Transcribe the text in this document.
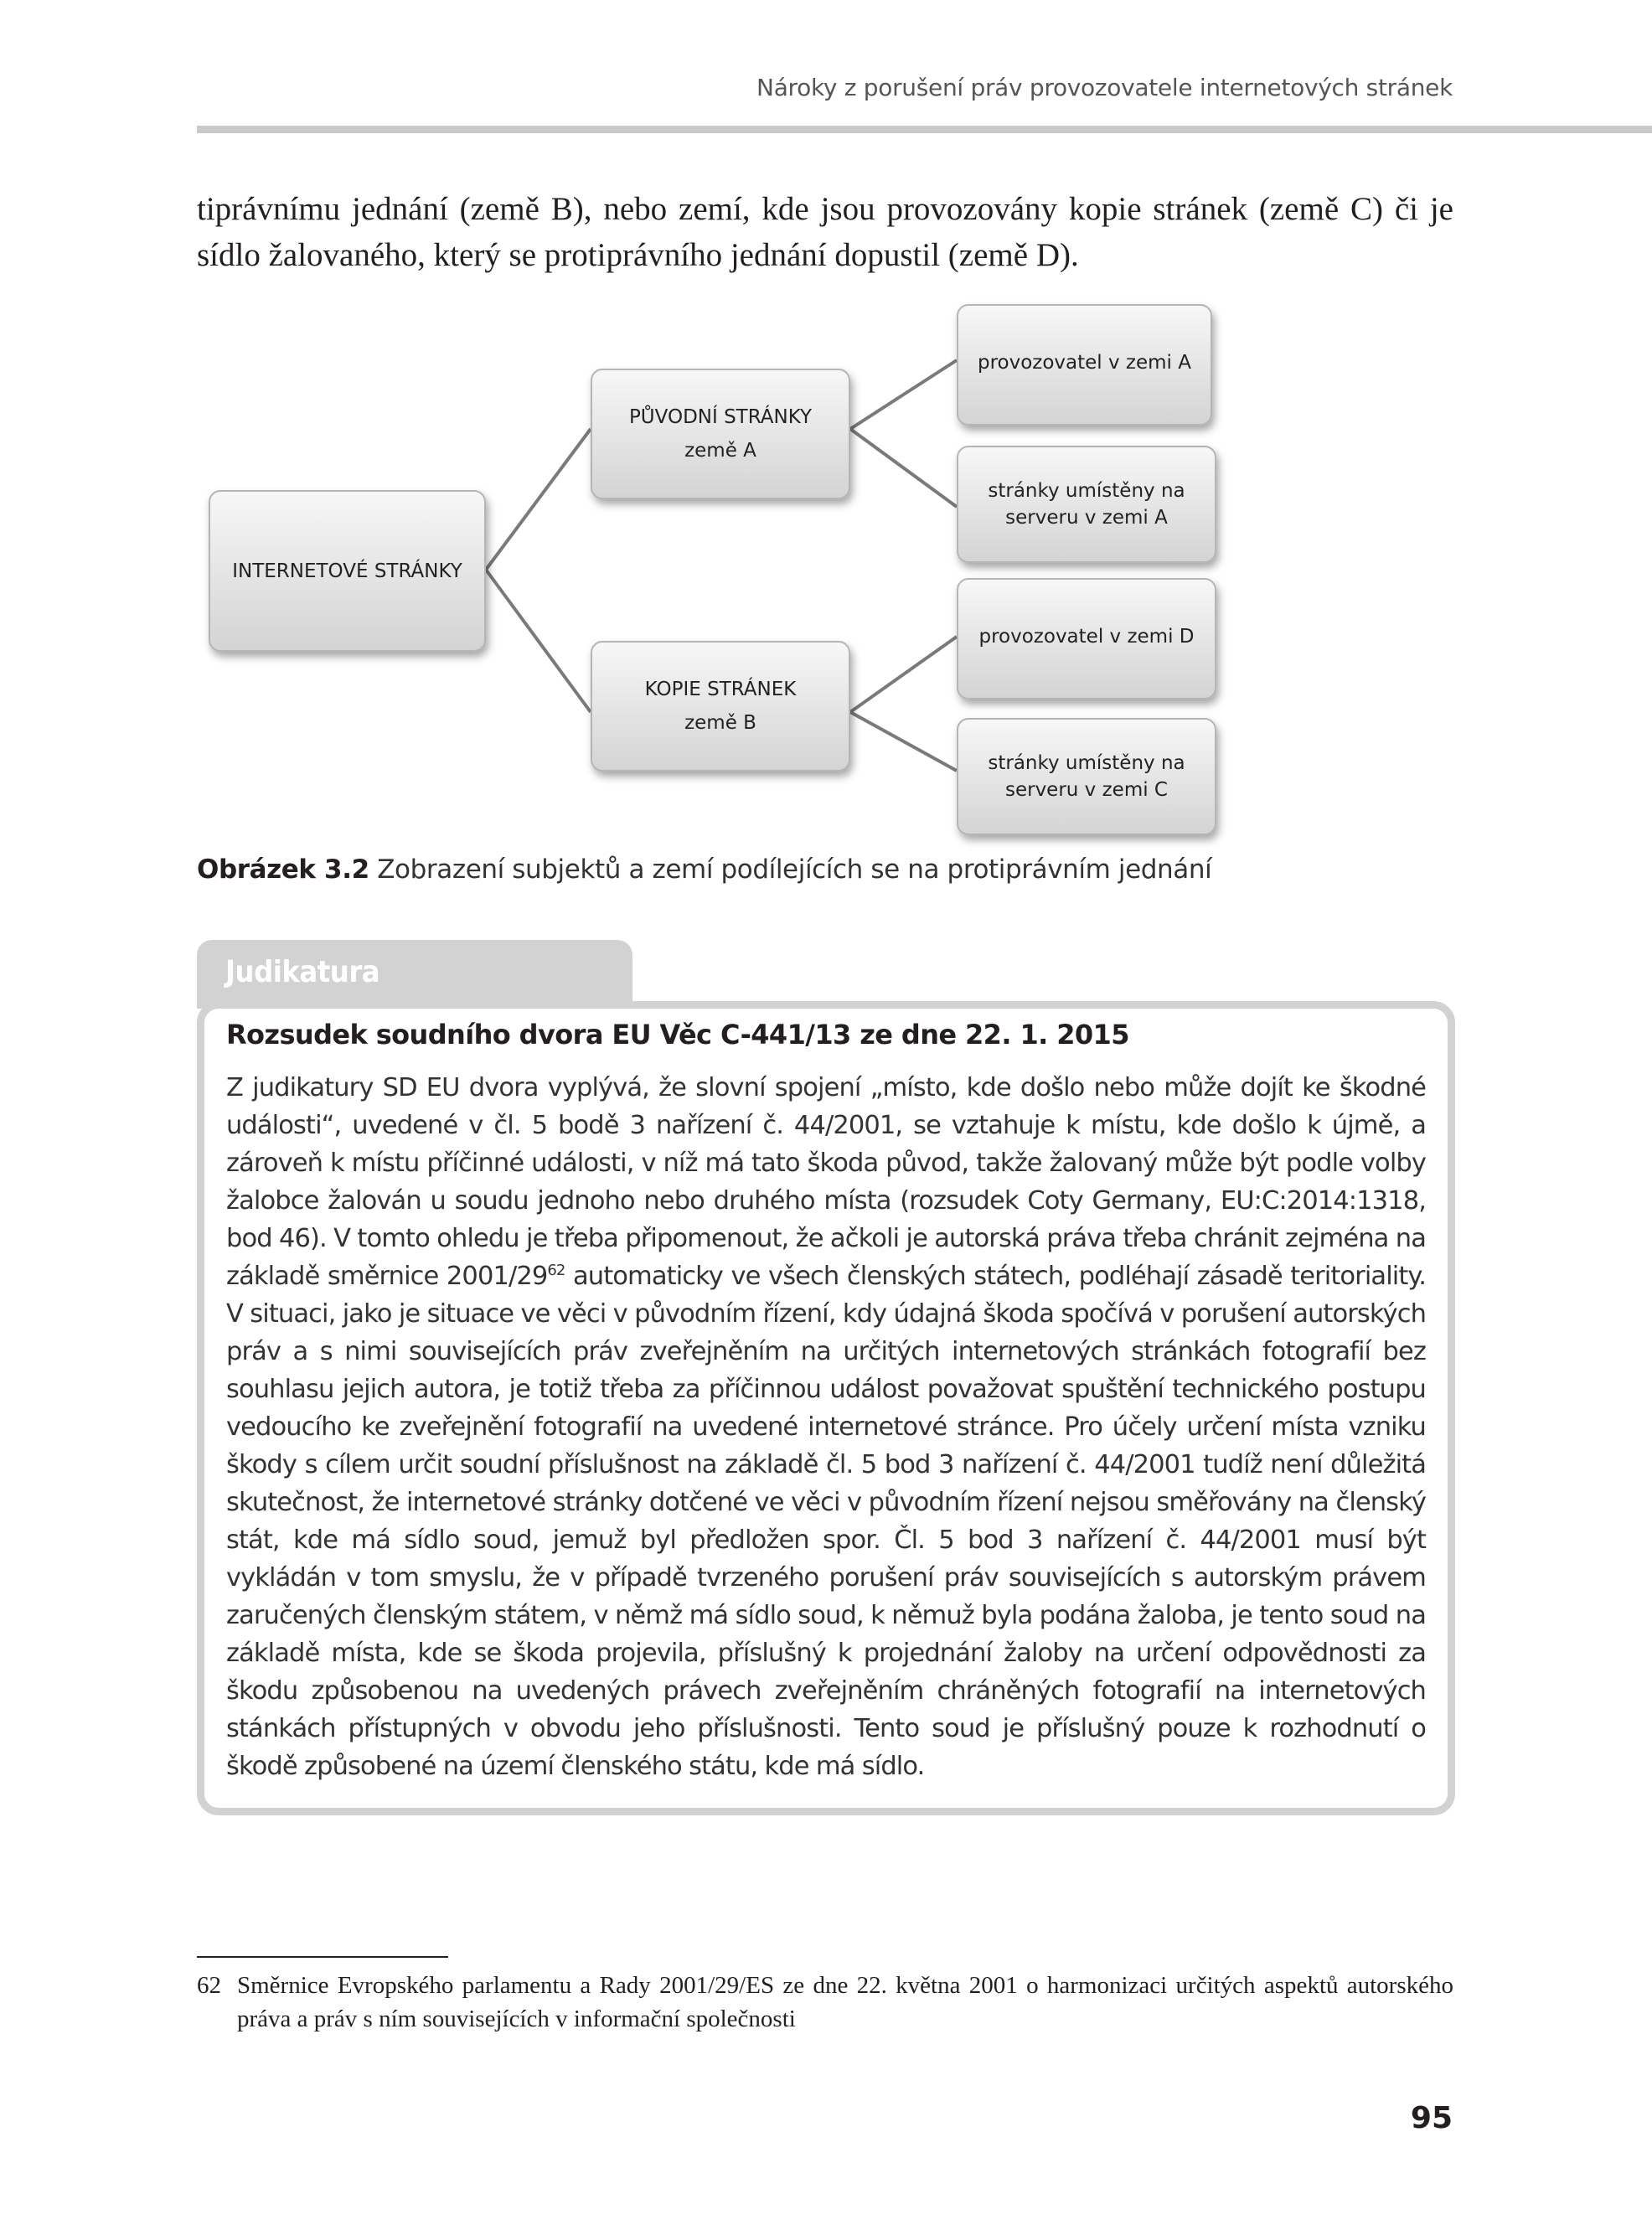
Nároky z porušení práv provozovatele internetových stránek

tiprávnímu jednání (země B), nebo zemí, kde jsou provozovány kopie stránek (země C) či je sídlo žalovaného, který se protiprávního jednání dopustil (země D).

INTERNETOVÉ STRÁNKY
PŮVODNÍ STRÁNKY
země A
KOPIE STRÁNEK
země B
provozovatel v zemi A
stránky umístěny na serveru v zemi A
provozovatel v zemi D
stránky umístěny na serveru v zemi C

Obrázek 3.2 Zobrazení subjektů a zemí podílejících se na protiprávním jednání

Judikatura

Rozsudek soudního dvora EU Věc C-441/13 ze dne 22. 1. 2015

Z judikatury SD EU dvora vyplývá, že slovní spojení „místo, kde došlo nebo může dojít ke škodné události“, uvedené v čl. 5 bodě 3 nařízení č. 44/2001, se vztahuje k místu, kde došlo k újmě, a zároveň k místu příčinné události, v níž má tato škoda původ, takže žalovaný může být podle volby žalobce žalován u soudu jednoho nebo druhého místa (rozsudek Coty Germany, EU:C:2014:1318, bod 46). V tomto ohledu je třeba připomenout, že ačkoli je autorská práva třeba chránit zejména na základě směrnice $2001/29^{62}$ automaticky ve všech členských státech, podléhají zásadě teritoriality. V situaci, jako je situace ve věci v původním řízení, kdy údajná škoda spočívá v porušení autorských práv a s nimi souvisejících práv zveřejněním na určitých internetových stránkách fotografií bez souhlasu jejich autora, je totiž třeba za příčinnou událost považovat spuštění technického postupu vedoucího ke zveřejnění fotografií na uvedené internetové stránce. Pro účely určení místa vzniku škody s cílem určit soudní příslušnost na základě čl. 5 bod 3 nařízení č. 44/2001 tudíž není důležitá skutečnost, že internetové stránky dotčené ve věci v původním řízení nejsou směřovány na členský stát, kde má sídlo soud, jemuž byl předložen spor. Čl. 5 bod 3 nařízení č. 44/2001 musí být vykládán v tom smyslu, že v případě tvrzeného porušení práv souvisejících s autorským právem zaručených členským státem, v němž má sídlo soud, k němuž byla podána žaloba, je tento soud na základě místa, kde se škoda projevila, příslušný k projednání žaloby na určení odpovědnosti za škodu způsobenou na uvedených právech zveřejněním chráněných fotografií na internetových stánkách přístupných v obvodu jeho příslušnosti. Tento soud je příslušný pouze k rozhodnutí o škodě způsobené na území členského státu, kde má sídlo.

62 Směrnice Evropského parlamentu a Rady 2001/29/ES ze dne 22. května 2001 o harmonizaci určitých aspektů autorského práva a práv s ním souvisejících v informační společnosti

95
